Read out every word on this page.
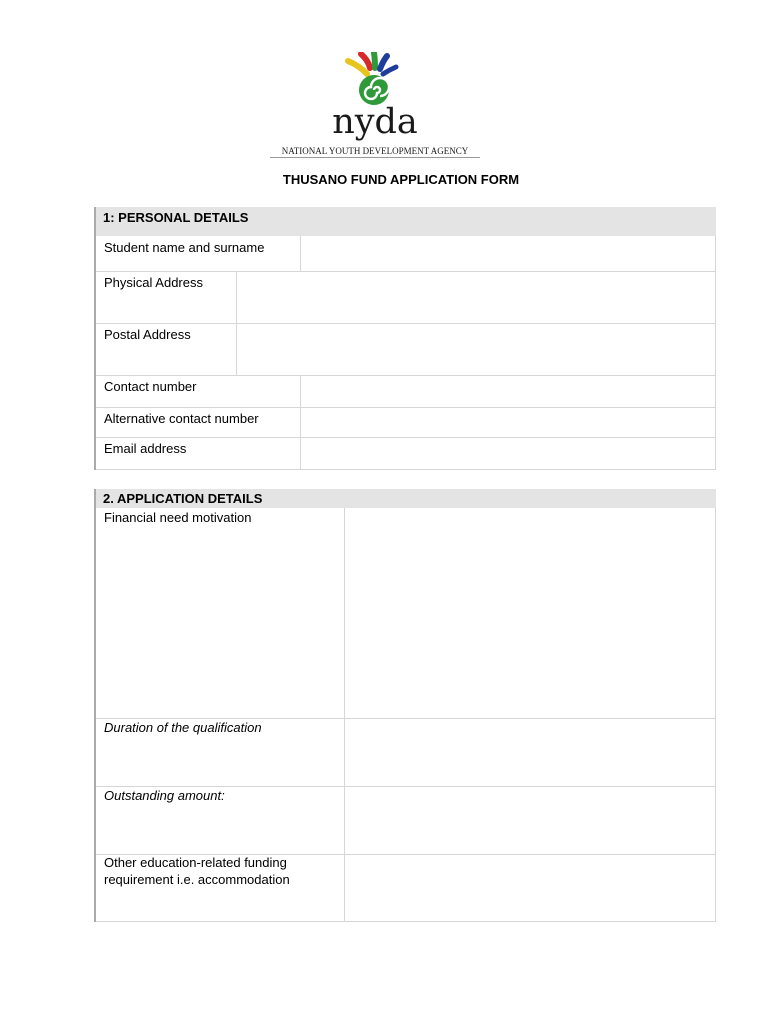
nyda
NATIONAL YOUTH DEVELOPMENT AGENCY
THUSANO FUND APPLICATION FORM
1: PERSONAL DETAILS
Student name and surname
Physical Address
Postal Address
Contact number
Alternative contact number
Email address
2. APPLICATION DETAILS
Financial need motivation
Duration of the qualification
Outstanding amount:
Other education-related funding requirement i.e. accommodation
